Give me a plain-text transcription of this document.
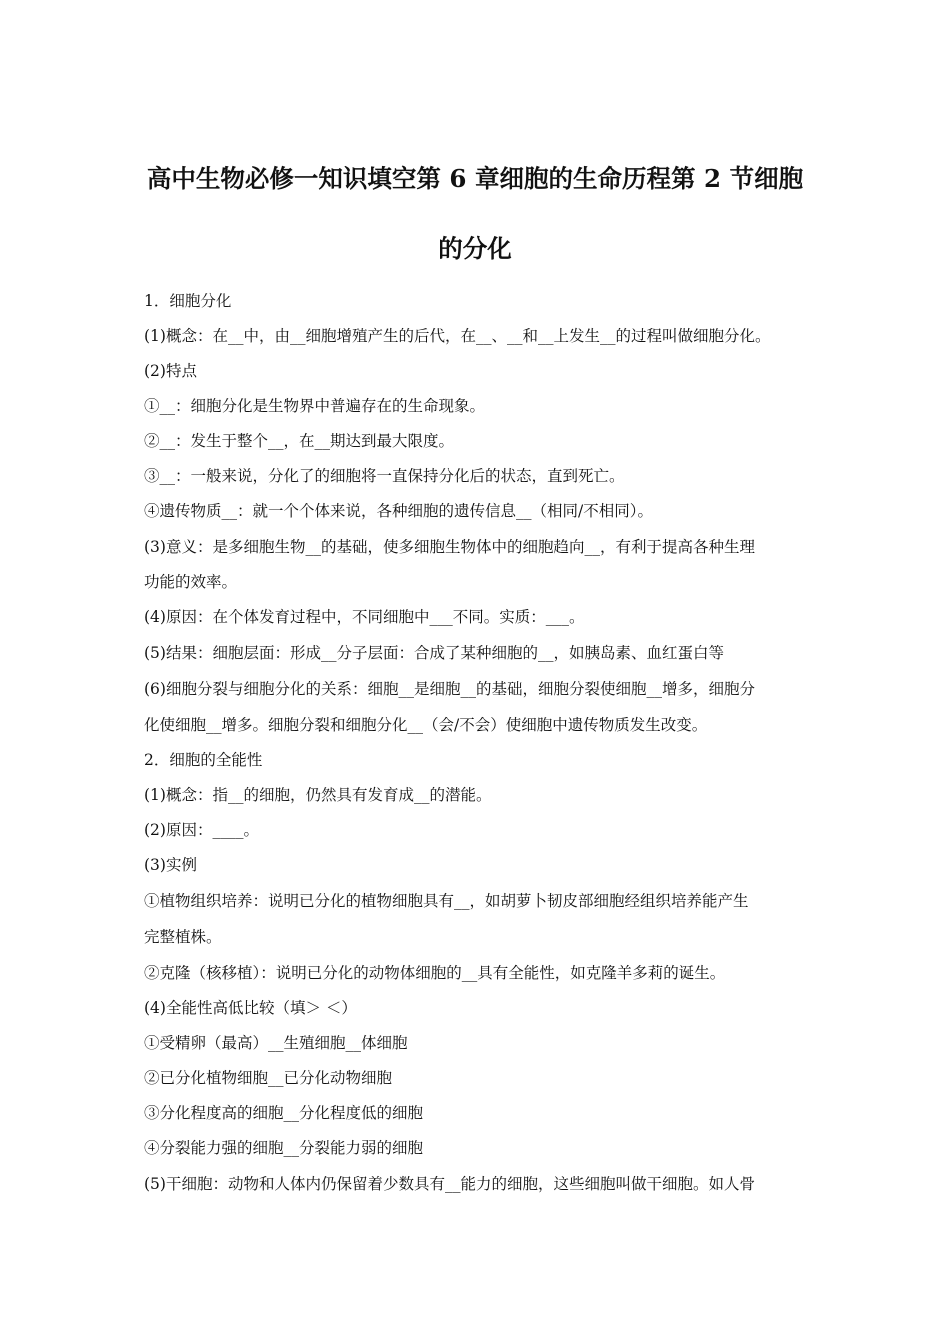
高中生物必修一知识填空第 6 章细胞的生命历程第 2 节细胞
的分化
1．细胞分化
(1)概念：在__中，由__细胞增殖产生的后代，在__、__和__上发生__的过程叫做细胞分化。
(2)特点
①__：细胞分化是生物界中普遍存在的生命现象。
②__：发生于整个__，在__期达到最大限度。
③__：一般来说，分化了的细胞将一直保持分化后的状态，直到死亡。
④遗传物质__：就一个个体来说，各种细胞的遗传信息__（相同/不相同）。
(3)意义：是多细胞生物__的基础，使多细胞生物体中的细胞趋向__，有利于提高各种生理
功能的效率。
(4)原因：在个体发育过程中，不同细胞中___不同。实质：___。
(5)结果：细胞层面：形成__分子层面：合成了某种细胞的__，如胰岛素、血红蛋白等
(6)细胞分裂与细胞分化的关系：细胞__是细胞__的基础，细胞分裂使细胞__增多，细胞分
化使细胞__增多。细胞分裂和细胞分化__（会/不会）使细胞中遗传物质发生改变。
2．细胞的全能性
(1)概念：指__的细胞，仍然具有发育成__的潜能。
(2)原因：____。
(3)实例
①植物组织培养：说明已分化的植物细胞具有__，如胡萝卜韧皮部细胞经组织培养能产生
完整植株。
②克隆（核移植）：说明已分化的动物体细胞的__具有全能性，如克隆羊多莉的诞生。
(4)全能性高低比较（填＞ ＜）
①受精卵（最高）__生殖细胞__体细胞
②已分化植物细胞__已分化动物细胞
③分化程度高的细胞__分化程度低的细胞
④分裂能力强的细胞__分裂能力弱的细胞
(5)干细胞：动物和人体内仍保留着少数具有__能力的细胞，这些细胞叫做干细胞。如人骨
